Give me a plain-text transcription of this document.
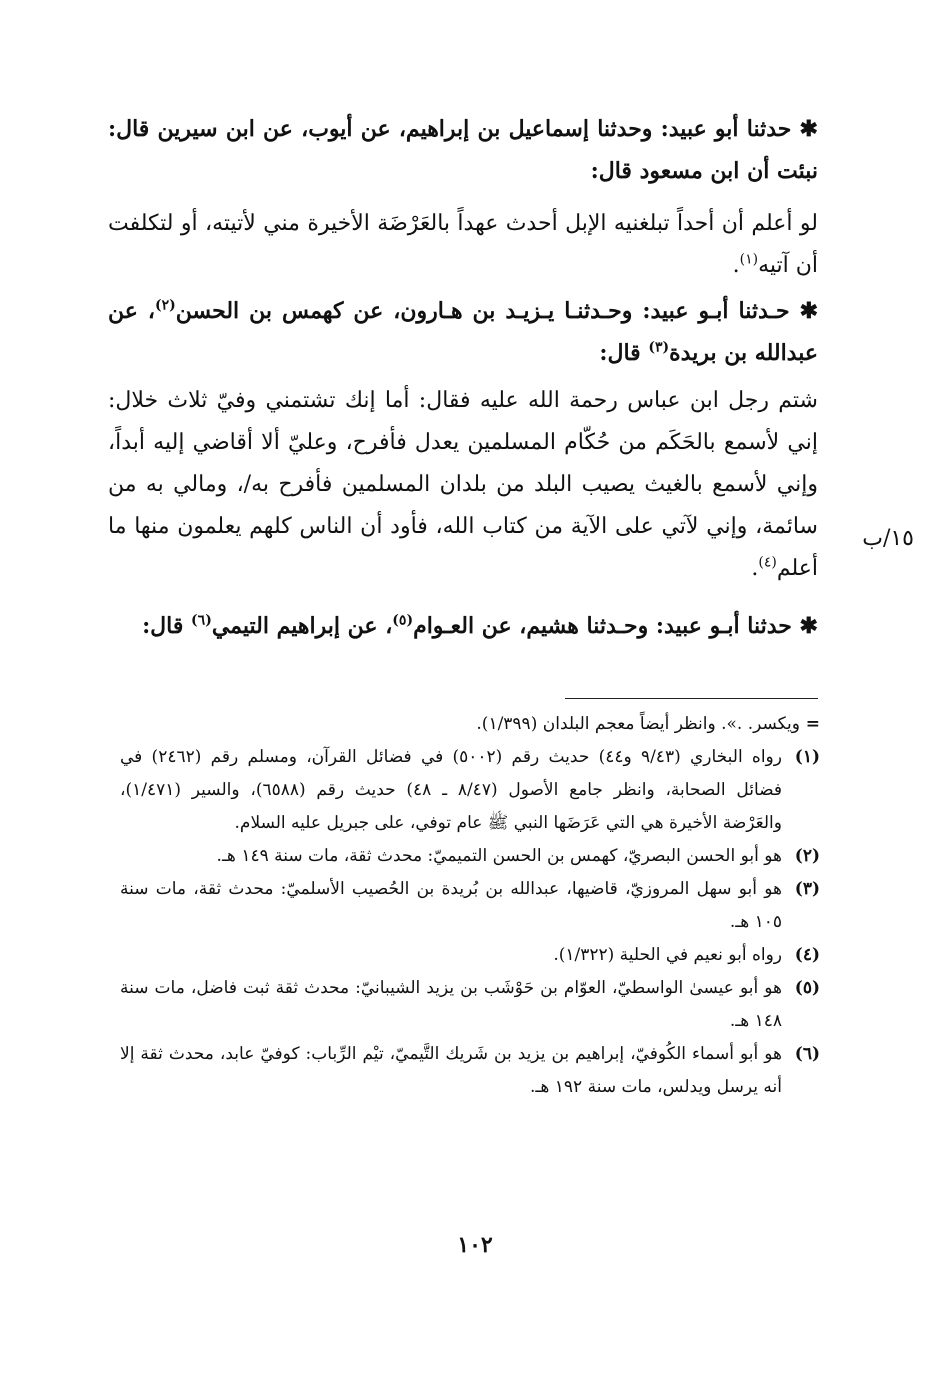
✱ حدثنا أبو عبيد: وحدثنا إسماعيل بن إبراهيم، عن أيوب، عن ابن سيرين قال: نبئت أن ابن مسعود قال:

لو أعلم أن أحداً تبلغنيه الإبل أحدث عهداً بالعَرْضَة الأخيرة مني لأتيته، أو لتكلفت أن آتيه$^{(١)}$.

✱ حـدثنا أبـو عبيد: وحـدثنـا يـزيـد بن هـارون، عن كهمس بن الحسن$^{(٢)}$، عن عبدالله بن بريدة$^{(٣)}$ قال:

شتم رجل ابن عباس رحمة الله عليه فقال: أما إنك تشتمني وفيّ ثلاث خلال: إني لأسمع بالحَكَم من حُكّام المسلمين يعدل فأفرح، وعليّ ألا أقاضي إليه أبداً، وإني لأسمع بالغيث يصيب البلد من بلدان المسلمين فأفرح به/، ومالي به من سائمة، وإني لآتي على الآية من كتاب الله، فأود أن الناس كلهم يعلمون منها ما أعلم$^{(٤)}$.

١٥/ب

✱ حدثنا أبـو عبيد: وحـدثنا هشيم، عن العـوام$^{(٥)}$، عن إبراهيم التيمي$^{(٦)}$ قال:

=
ويكسر. .». وانظر أيضاً معجم البلدان (١/٣٩٩).
(١)
رواه البخاري (٩/٤٣ و٤٤) حديث رقم (٥٠٠٢) في فضائل القرآن، ومسلم رقم (٢٤٦٢) في فضائل الصحابة، وانظر جامع الأصول (٨/٤٧ ـ ٤٨) حديث رقم (٦٥٨٨)، والسير (١/٤٧١)، والعَرْضة الأخيرة هي التي عَرَضَها النبي ﷺ عام توفي، على جبريل عليه السلام.
(٢)
هو أبو الحسن البصريّ، كهمس بن الحسن التميميّ: محدث ثقة، مات سنة ١٤٩ هـ.
(٣)
هو أبو سهل المروزيّ، قاضيها، عبدالله بن بُريدة بن الحُصيب الأسلميّ: محدث ثقة، مات سنة ١٠٥ هـ.
(٤)
رواه أبو نعيم في الحلية (١/٣٢٢).
(٥)
هو أبو عيسىٰ الواسطيّ، العوّام بن حَوْشَب بن يزيد الشيبانيّ: محدث ثقة ثبت فاضل، مات سنة ١٤٨ هـ.
(٦)
هو أبو أسماء الكُوفيّ، إبراهيم بن يزيد بن شَريك التَّيميّ، تيْم الرِّباب: كوفيّ عابد، محدث ثقة إلا أنه يرسل ويدلس، مات سنة ١٩٢ هـ.
١٠٢
